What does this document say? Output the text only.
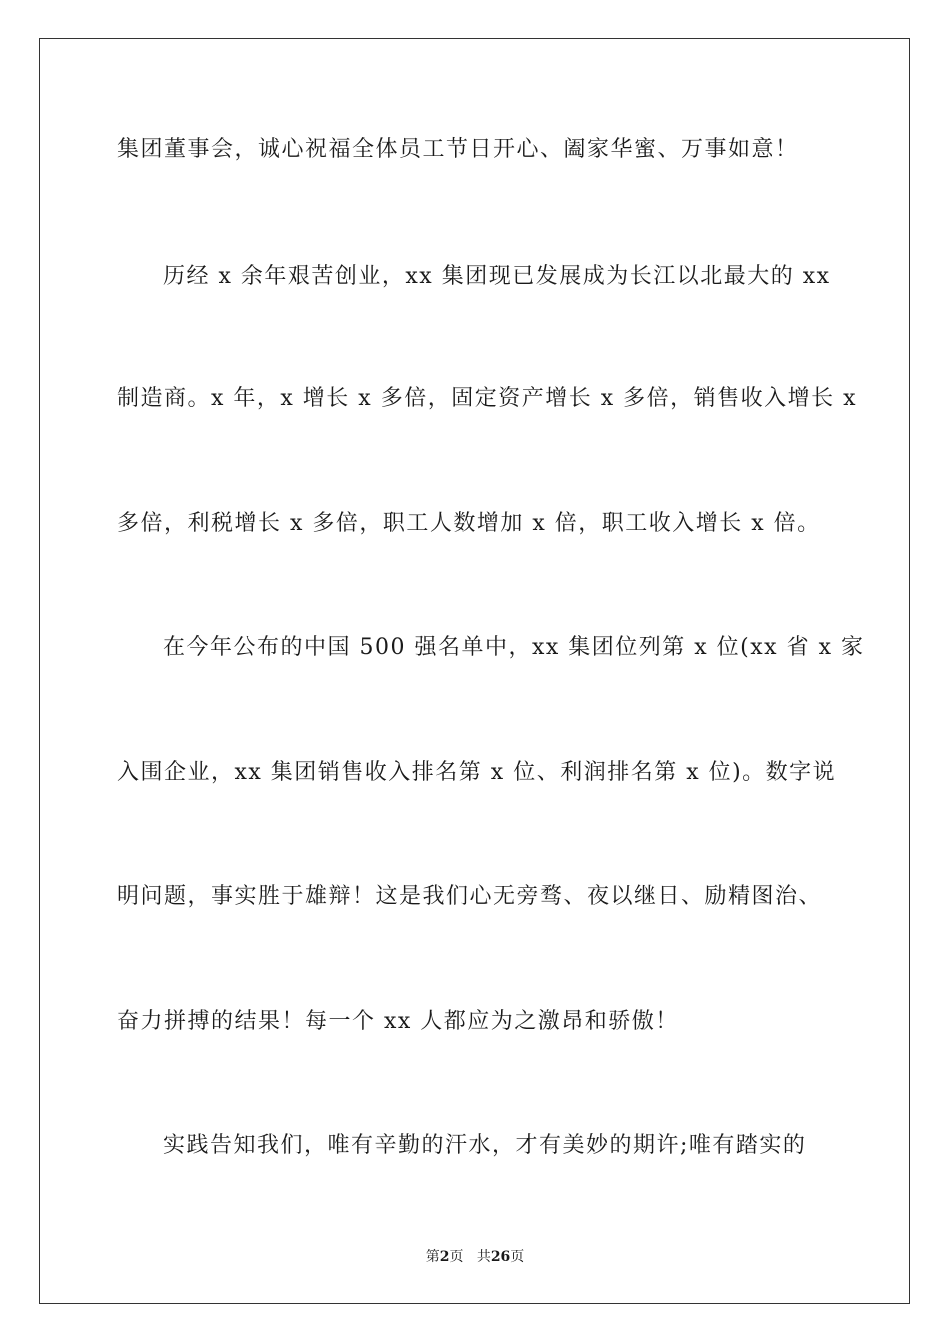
集团董事会，诚心祝福全体员工节日开心、阖家华蜜、万事如意！
历经 x 余年艰苦创业，xx 集团现已发展成为长江以北最大的 xx
制造商。x 年，x 增长 x 多倍，固定资产增长 x 多倍，销售收入增长 x
多倍，利税增长 x 多倍，职工人数增加 x 倍，职工收入增长 x 倍。
在今年公布的中国 500 强名单中，xx 集团位列第 x 位(xx 省 x 家
入围企业，xx 集团销售收入排名第 x 位、利润排名第 x 位)。数字说
明问题，事实胜于雄辩！这是我们心无旁骛、夜以继日、励精图治、
奋力拼搏的结果！每一个 xx 人都应为之激昂和骄傲！
实践告知我们，唯有辛勤的汗水，才有美妙的期许;唯有踏实的
第2页 共26页
